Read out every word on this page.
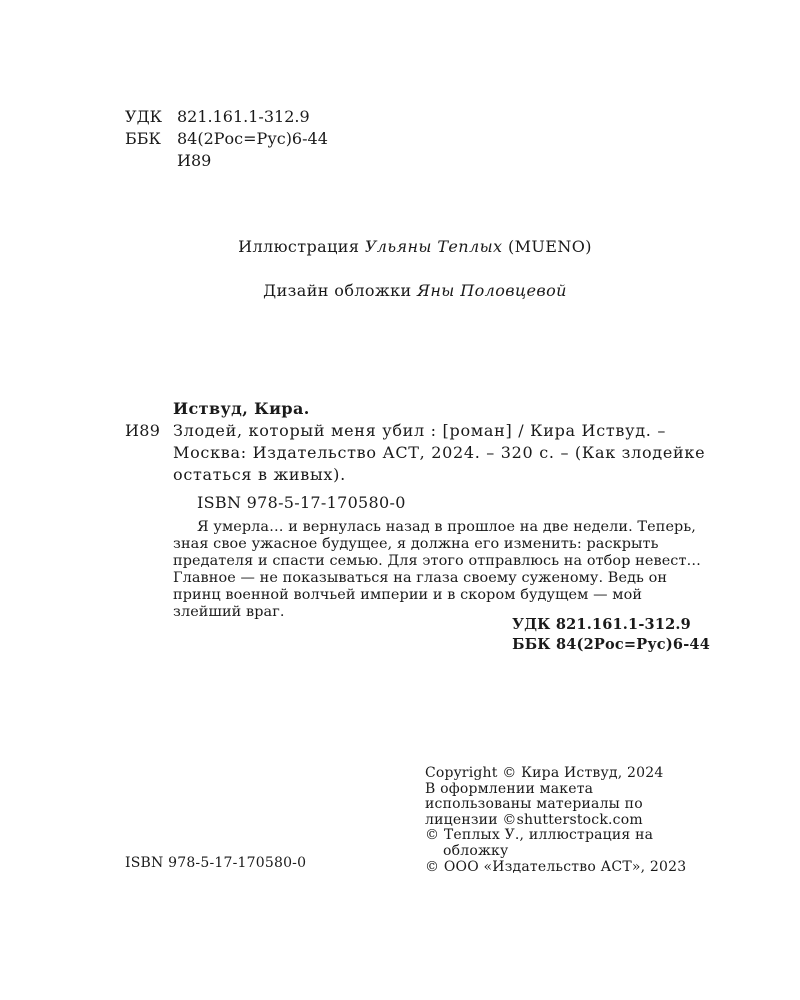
УДК 821.161.1-312.9
ББК	84(2Рос=Рус)6-44
И89
Иллюстрация Ульяны Теплых (MUENO)
Дизайн обложки Яны Половцевой
Иствуд, Кира.
И89 Злодей, который меня убил : [роман] / Кира Иствуд. – Москва: Издательство АСТ, 2024. – 320 с. – (Как злодейке остаться в живых).
ISBN 978-5-17-170580-0
Я умерла… и вернулась назад в прошлое на две недели. Теперь, зная свое ужасное будущее, я должна его изменить: раскрыть предателя и спасти семью. Для этого отправлюсь на отбор невест… Главное — не показываться на глаза своему суженому. Ведь он принц военной волчьей империи и в скором будущем — мой злейший враг.
УДК 821.161.1-312.9
ББК 84(2Рос=Рус)6-44
Copyright © Кира Иствуд, 2024
В оформлении макета
использованы материалы по
лицензии ©shutterstock.com
© Теплых У., иллюстрация на
обложку
© ООО «Издательство АСТ», 2023
ISBN 978-5-17-170580-0
